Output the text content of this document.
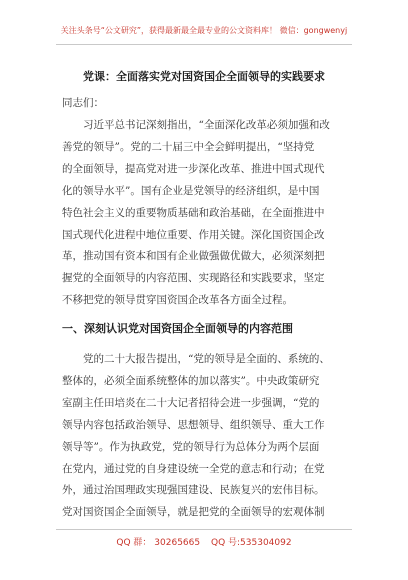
关注头条号“公文研究”，获得最新最全最专业的公文资料库！ 微信：gongwenyj
党课：全面落实党对国资国企全面领导的实践要求
同志们：
习近平总书记深刻指出，“全面深化改革必须加强和改
善党的领导”。党的二十届三中全会鲜明提出，“坚持党
的全面领导，提高党对进一步深化改革、推进中国式现代
化的领导水平”。国有企业是党领导的经济组织，是中国
特色社会主义的重要物质基础和政治基础，在全面推进中
国式现代化进程中地位重要、作用关键。深化国资国企改
革，推动国有资本和国有企业做强做优做大，必须深刻把
握党的全面领导的内容范围、实现路径和实践要求，坚定
不移把党的领导贯穿国资国企改革各方面全过程。
一、深刻认识党对国资国企全面领导的内容范围
党的二十大报告提出，“党的领导是全面的、系统的、
整体的，必须全面系统整体的加以落实”。中央政策研究
室副主任田培炎在二十大记者招待会进一步强调，“党的
领导内容包括政治领导、思想领导、组织领导、重大工作
领导等”。作为执政党，党的领导行为总体分为两个层面
在党内，通过党的自身建设统一全党的意志和行动；在党
外，通过治国理政实现强国建设、民族复兴的宏伟目标。
党对国资国企全面领导，就是把党的全面领导的宏观体制
QQ 群： 30265665 QQ 号:535304092
